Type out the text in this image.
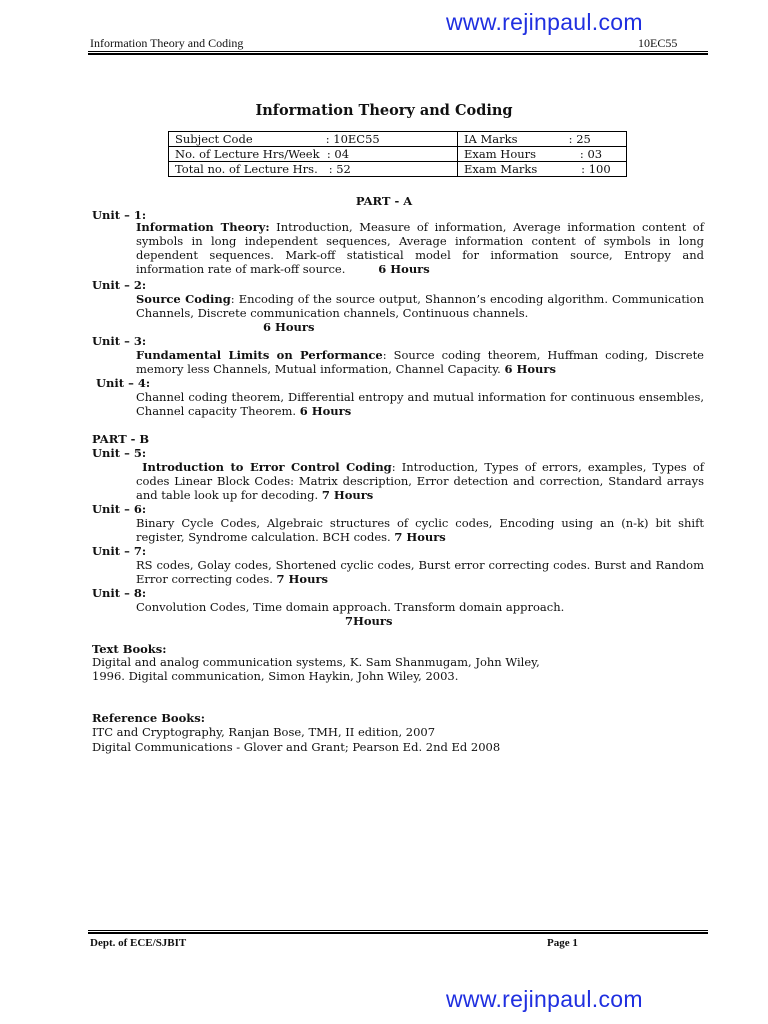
www.rejinpaul.com
Information Theory and Coding	10EC55
Information Theory and Coding
Subject Code                    : 10EC55	IA Marks              : 25
No. of Lecture Hrs/Week  : 04	Exam Hours            : 03
Total no. of Lecture Hrs.   : 52	Exam Marks            : 100
PART - A
Unit – 1:
Information Theory: Introduction, Measure of information, Average information content of symbols in long independent sequences, Average information content of symbols in long dependent sequences. Mark-off statistical model for information source, Entropy and information rate of mark-off source.	6 Hours
Unit – 2:
Source Coding: Encoding of the source output, Shannon’s encoding algorithm. Communication Channels, Discrete communication channels, Continuous channels.
6 Hours
Unit – 3:
Fundamental Limits on Performance: Source coding theorem, Huffman coding, Discrete memory less Channels, Mutual information, Channel Capacity. 6 Hours
Unit – 4:
Channel coding theorem, Differential entropy and mutual information for continuous ensembles, Channel capacity Theorem. 6 Hours
PART - B
Unit – 5:
Introduction to Error Control Coding: Introduction, Types of errors, examples, Types of codes Linear Block Codes: Matrix description, Error detection and correction, Standard arrays and table look up for decoding. 7 Hours
Unit – 6:
Binary Cycle Codes, Algebraic structures of cyclic codes, Encoding using an (n-k) bit shift register, Syndrome calculation. BCH codes. 7 Hours
Unit – 7:
RS codes, Golay codes, Shortened cyclic codes, Burst error correcting codes. Burst and Random Error correcting codes. 7 Hours
Unit – 8:
Convolution Codes, Time domain approach. Transform domain approach.
7Hours
Text Books:
Digital and analog communication systems, K. Sam Shanmugam, John Wiley,
1996. Digital communication, Simon Haykin, John Wiley, 2003.
Reference Books:
ITC and Cryptography, Ranjan Bose, TMH, II edition, 2007
Digital Communications - Glover and Grant; Pearson Ed. 2nd Ed 2008
Dept. of ECE/SJBIT	Page 1
www.rejinpaul.com
